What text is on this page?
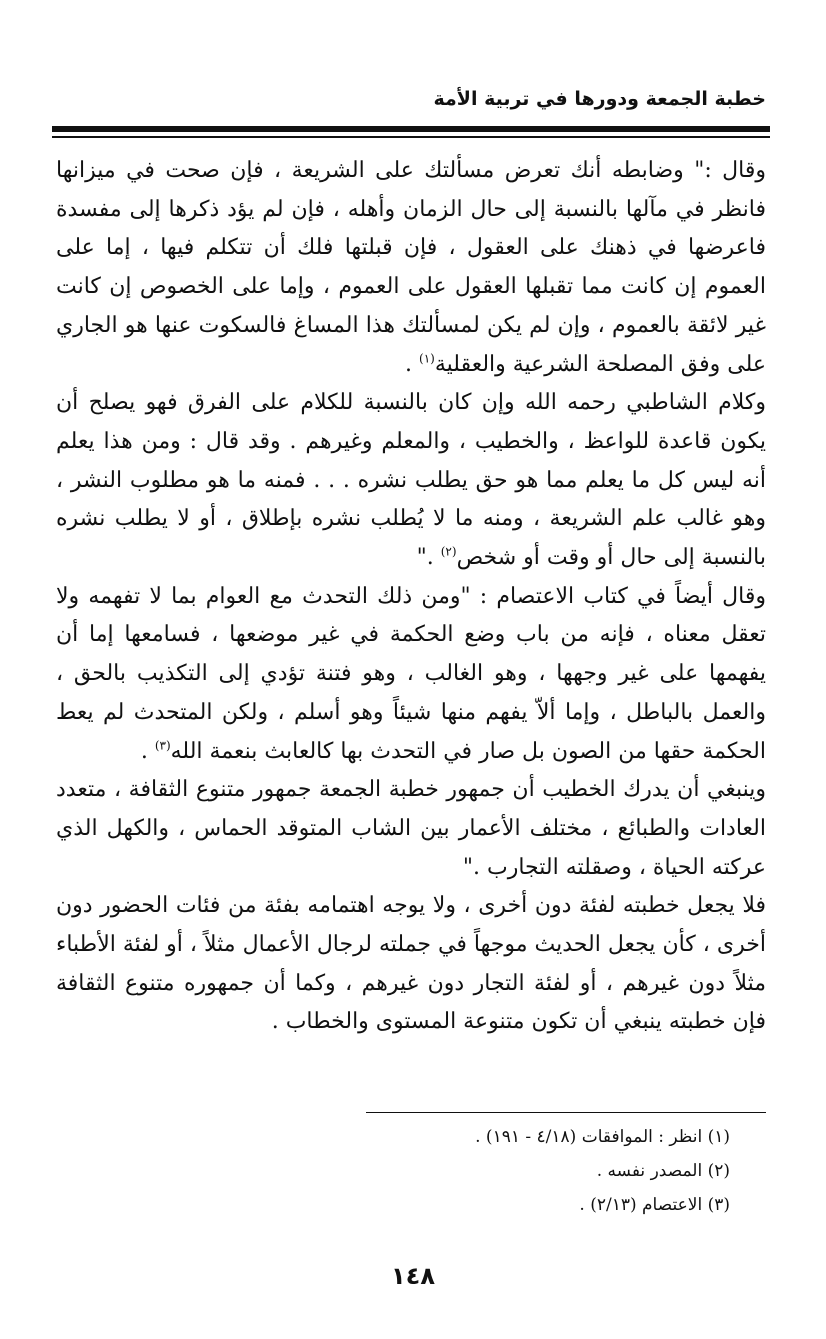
خطبة الجمعة ودورها في تربية الأمة

وقال :" وضابطه أنك تعرض مسألتك على الشريعة ، فإن صحت في ميزانها فانظر في مآلها بالنسبة إلى حال الزمان وأهله ، فإن لم يؤد ذكرها إلى مفسدة فاعرضها في ذهنك على العقول ، فإن قبلتها فلك أن تتكلم فيها ، إما على العموم إن كانت مما تقبلها العقول على العموم ، وإما على الخصوص إن كانت غير لائقة بالعموم ، وإن لم يكن لمسألتك هذا المساغ فالسكوت عنها هو الجاري على وفق المصلحة الشرعية والعقلية$^{(١)}$ .

وكلام الشاطبي رحمه الله وإن كان بالنسبة للكلام على الفرق فهو يصلح أن يكون قاعدة للواعظ ، والخطيب ، والمعلم وغيرهم . وقد قال : ومن هذا يعلم أنه ليس كل ما يعلم مما هو حق يطلب نشره . . . فمنه ما هو مطلوب النشر ، وهو غالب علم الشريعة ، ومنه ما لا يُطلب نشره بإطلاق ، أو لا يطلب نشره بالنسبة إلى حال أو وقت أو شخص$^{(٢)}$ ."

وقال أيضاً في كتاب الاعتصام : "ومن ذلك التحدث مع العوام بما لا تفهمه ولا تعقل معناه ، فإنه من باب وضع الحكمة في غير موضعها ، فسامعها إما أن يفهمها على غير وجهها ، وهو الغالب ، وهو فتنة تؤدي إلى التكذيب بالحق ، والعمل بالباطل ، وإما ألاّ يفهم منها شيئاً وهو أسلم ، ولكن المتحدث لم يعط الحكمة حقها من الصون بل صار في التحدث بها كالعابث بنعمة الله$^{(٣)}$ .

وينبغي أن يدرك الخطيب أن جمهور خطبة الجمعة جمهور متنوع الثقافة ، متعدد العادات والطبائع ، مختلف الأعمار بين الشاب المتوقد الحماس ، والكهل الذي عركته الحياة ، وصقلته التجارب ."

فلا يجعل خطبته لفئة دون أخرى ، ولا يوجه اهتمامه بفئة من فئات الحضور دون أخرى ، كأن يجعل الحديث موجهاً في جملته لرجال الأعمال مثلاً ، أو لفئة الأطباء مثلاً دون غيرهم ، أو لفئة التجار دون غيرهم ، وكما أن جمهوره متنوع الثقافة فإن خطبته ينبغي أن تكون متنوعة المستوى والخطاب .

(١) انظر : الموافقات (٤/١٨ - ١٩١) .
(٢) المصدر نفسه .
(٣) الاعتصام (٢/١٣) .
١٤٨
